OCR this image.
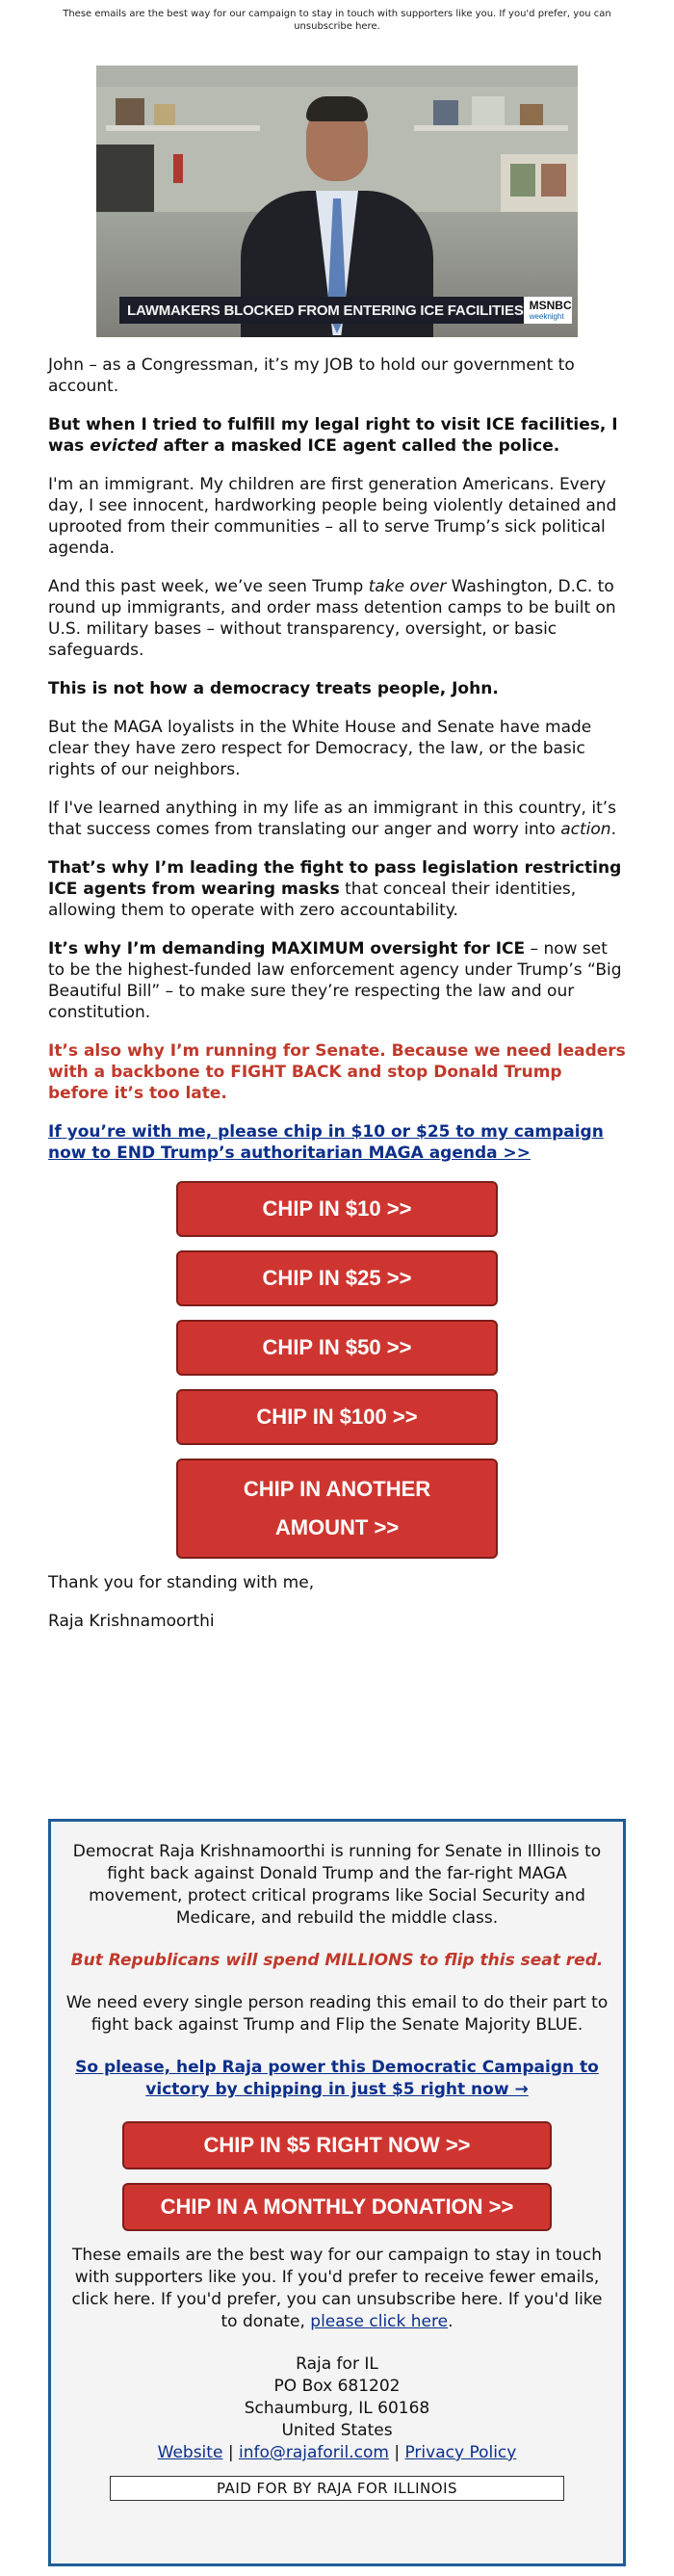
These emails are the best way for our campaign to stay in touch with supporters like you. If you'd prefer, you can unsubscribe here.
LAWMAKERS BLOCKED FROM ENTERING ICE FACILITIES MSNBC
weeknight

John – as a Congressman, it’s my JOB to hold our government to account.

But when I tried to fulfill my legal right to visit ICE facilities, I was evicted after a masked ICE agent called the police.

I'm an immigrant. My children are first generation Americans. Every day, I see innocent, hardworking people being violently detained and uprooted from their communities – all to serve Trump’s sick political agenda.

And this past week, we’ve seen Trump take over Washington, D.C. to round up immigrants, and order mass detention camps to be built on U.S. military bases – without transparency, oversight, or basic safeguards.

This is not how a democracy treats people, John.

But the MAGA loyalists in the White House and Senate have made clear they have zero respect for Democracy, the law, or the basic rights of our neighbors.

If I've learned anything in my life as an immigrant in this country, it’s that success comes from translating our anger and worry into action.

That’s why I’m leading the fight to pass legislation restricting ICE agents from wearing masks that conceal their identities, allowing them to operate with zero accountability.

It’s why I’m demanding MAXIMUM oversight for ICE – now set to be the highest-funded law enforcement agency under Trump’s “Big Beautiful Bill” – to make sure they’re respecting the law and our constitution.

It’s also why I’m running for Senate. Because we need leaders with a backbone to FIGHT BACK and stop Donald Trump before it’s too late.

If you’re with me, please chip in $10 or $25 to my campaign now to END Trump’s authoritarian MAGA agenda >>

CHIP IN $10 >>
CHIP IN $25 >>
CHIP IN $50 >>
CHIP IN $100 >>
CHIP IN ANOTHER
AMOUNT >>

Thank you for standing with me,

Raja Krishnamoorthi

Democrat Raja Krishnamoorthi is running for Senate in Illinois to fight back against Donald Trump and the far-right MAGA movement, protect critical programs like Social Security and Medicare, and rebuild the middle class.

But Republicans will spend MILLIONS to flip this seat red.

We need every single person reading this email to do their part to fight back against Trump and Flip the Senate Majority BLUE.

So please, help Raja power this Democratic Campaign to victory by chipping in just $5 right now →

CHIP IN $5 RIGHT NOW >>
CHIP IN A MONTHLY DONATION >>

These emails are the best way for our campaign to stay in touch with supporters like you. If you'd prefer to receive fewer emails, click here. If you'd prefer, you can unsubscribe here. If you'd like to donate, please click here.

Raja for IL
PO Box 681202
Schaumburg, IL 60168
United States
Website | info@rajaforil.com | Privacy Policy
PAID FOR BY RAJA FOR ILLINOIS
